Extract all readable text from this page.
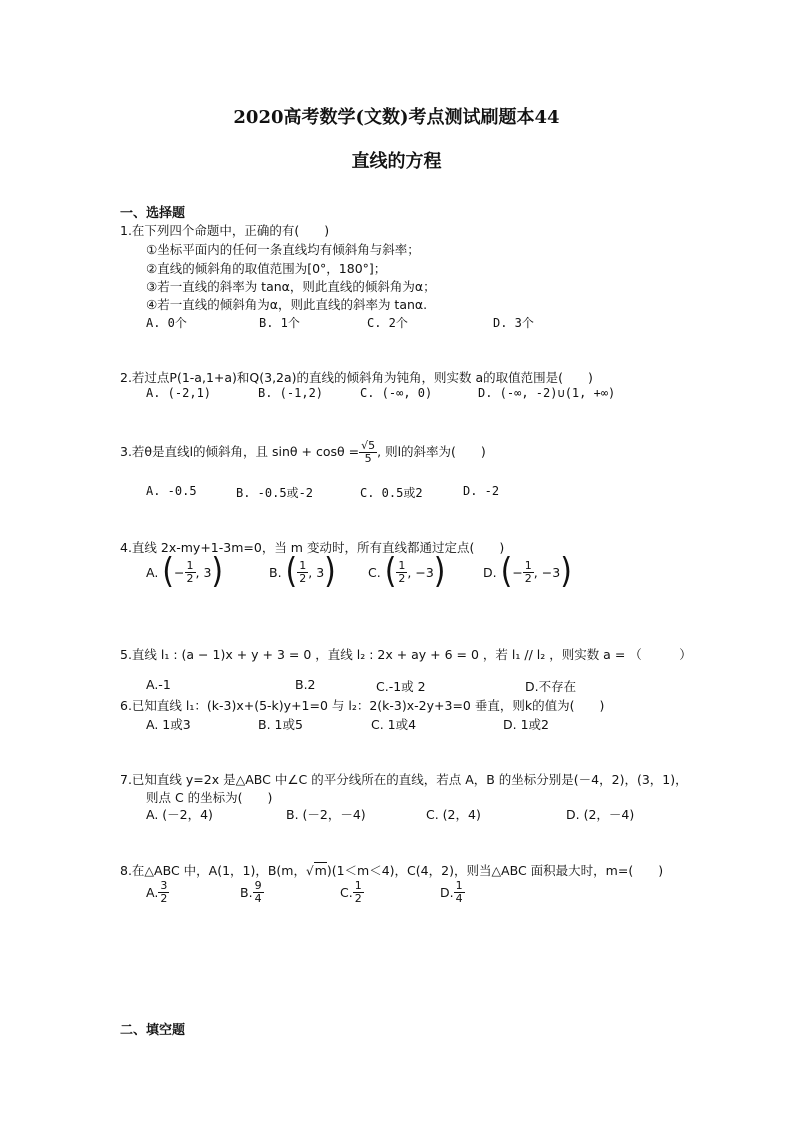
2020高考数学(文数)考点测试刷题本44
直线的方程
一、选择题
1.在下列四个命题中，正确的有(　　)
①坐标平面内的任何一条直线均有倾斜角与斜率；
②直线的倾斜角的取值范围为[0°，180°]；
③若一直线的斜率为 tanα，则此直线的倾斜角为α；
④若一直线的倾斜角为α，则此直线的斜率为 tanα.
A. 0个	B. 1个	C. 2个	D. 3个
2.若过点P(1-a,1+a)和Q(3,2a)的直线的倾斜角为钝角，则实数 a的取值范围是(　　)
A. (-2,1)	B. (-1,2)	C. (-∞, 0)	D. (-∞, -2)∪(1, +∞)
3.若θ是直线l的倾斜角，且 $\sin\theta + \cos\theta = \frac{√5}{5}$ , 则l的斜率为(　　)
A. -0.5	B. -0.5或-2	C. 0.5或2	D. -2
4.直线 2x-my+1-3m=0，当 m 变动时，所有直线都通过定点(　　)
A. (− $\frac{1}{2}$ , 3)	B. ( $\frac{1}{2}$ , 3)	C. ( $\frac{1}{2}$ , −3)	D. (− $\frac{1}{2}$ , −3)
5.直线 l₁ : (a − 1)x + y + 3 = 0 ，直线 l₂ : 2x + ay + 6 = 0 ，若 l₁ // l₂ ，则实数 a = （　　　）
A.-1	B.2	C.-1或 2	D.不存在
6.已知直线 l₁：(k-3)x+(5-k)y+1=0 与 l₂：2(k-3)x-2y+3=0 垂直，则k的值为(　　)
A. 1或3	B. 1或5	C. 1或4	D. 1或2
7.已知直线 y=2x 是△ABC 中∠C 的平分线所在的直线，若点 A，B 的坐标分别是(－4，2)，(3，1)，
则点 C 的坐标为(　　)
A. (－2，4)	B. (－2，－4)	C. (2，4)	D. (2，－4)
8.在△ABC 中，A(1，1)，B(m，√m)(1＜m＜4)，C(4，2)，则当△ABC 面积最大时，m=(　　)
A. $\frac{3}{2}$	B. $\frac{9}{4}$	C. $\frac{1}{2}$	D. $\frac{1}{4}$
二、填空题
